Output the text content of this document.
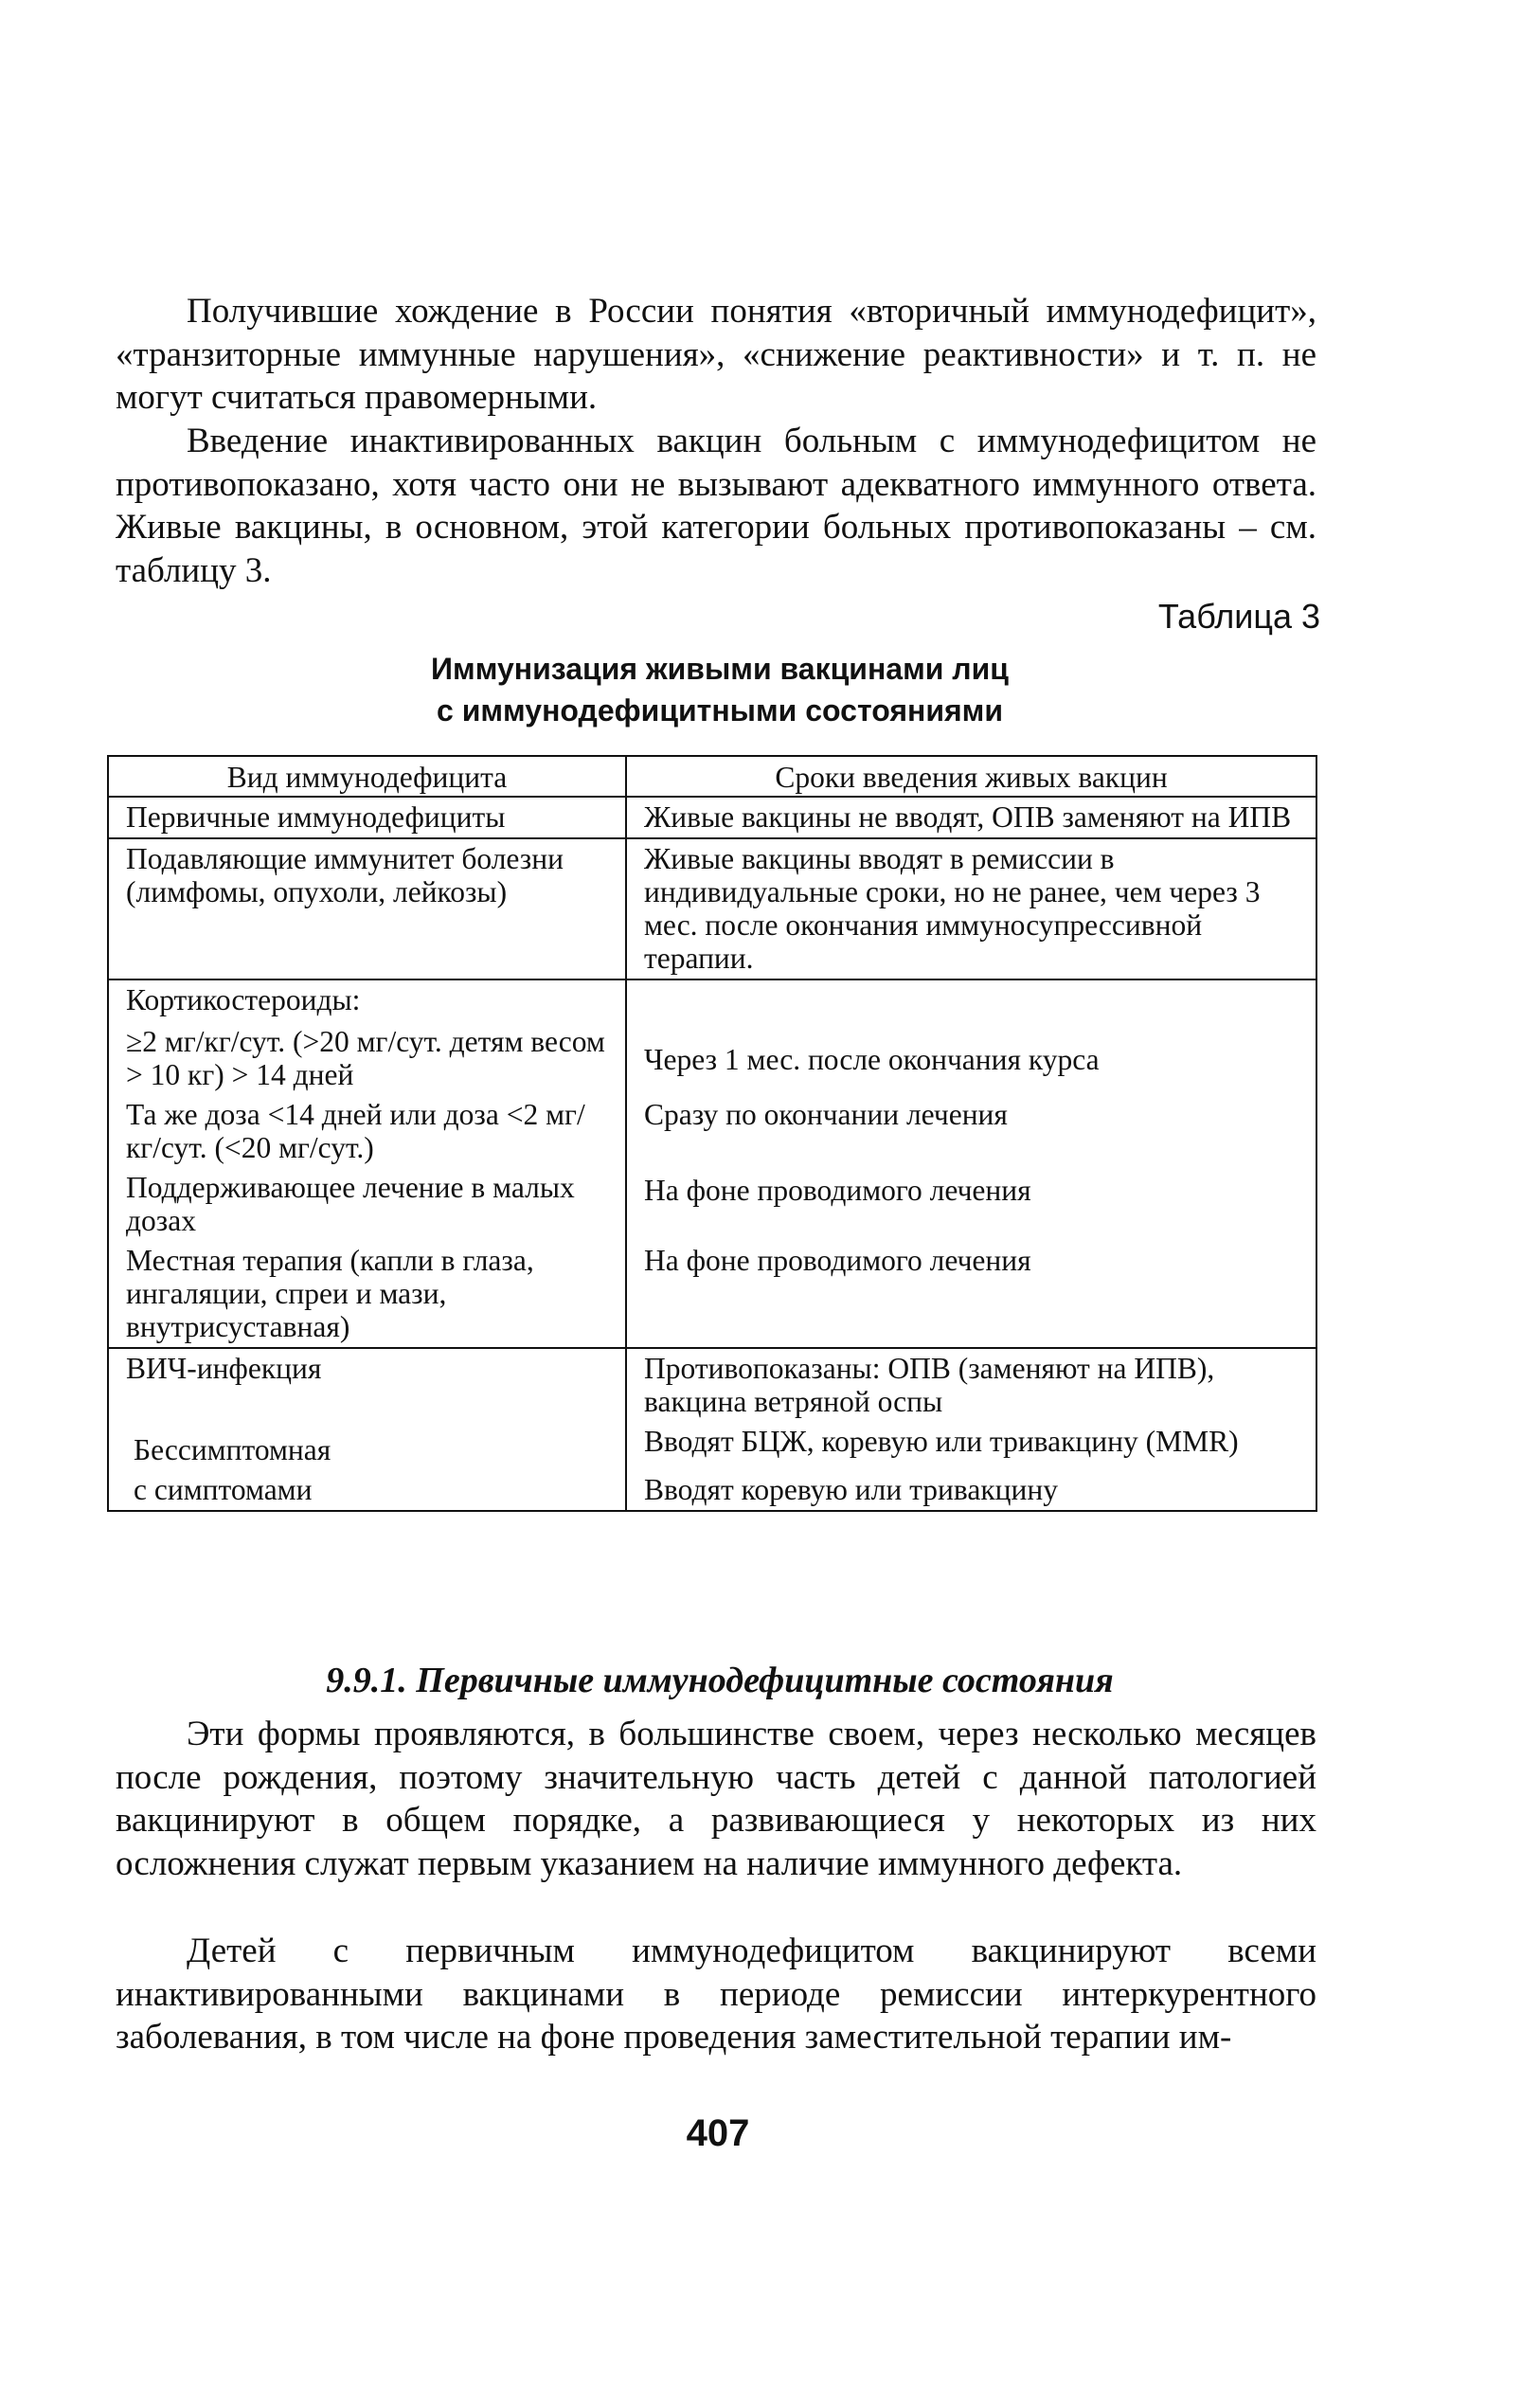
Получившие хождение в России понятия «вторичный иммунодефицит», «транзиторные иммунные нарушения», «снижение реактивности» и т. п. не могут считаться правомерными.

Введение инактивированных вакцин больным с иммунодефицитом не противопоказано, хотя часто они не вызывают адекватного иммунного ответа. Живые вакцины, в основном, этой категории больных противопоказаны – см. таблицу 3.

Таблица 3
Иммунизация живыми вакцинами лиц
с иммунодефицитными состояниями
Вид иммунодефицита	Сроки введения живых вакцин
Первичные иммунодефициты	Живые вакцины не вводят, ОПВ заменяют на ИПВ
Подавляющие иммунитет болезни (лимфомы, опухоли, лейкозы)	Живые вакцины вводят в ремиссии в индивидуальные сроки, но не ранее, чем через 3 мес. после окончания иммуносупрессивной терапии.
Кортикостероиды:	
≥2 мг/кг/сут. (>20 мг/сут. детям весом > 10 кг) > 14 дней	Через 1 мес. после окончания курса
Та же доза <14 дней или доза <2 мг/кг/сут. (<20 мг/сут.)	Сразу по окончании лечения
Поддерживающее лечение в малых дозах	На фоне проводимого лечения
Местная терапия (капли в глаза, ингаляции, спреи и мази, внутрисуставная)	На фоне проводимого лечения
ВИЧ-инфекция	Противопоказаны: ОПВ (заменяют на ИПВ), вакцина ветряной оспы
Бессимптомная	Вводят БЦЖ, коревую или тривакцину (MMR)
с симптомами	Вводят коревую или тривакцину
9.9.1. Первичные иммунодефицитные состояния

Эти формы проявляются, в большинстве своем, через несколько месяцев после рождения, поэтому значительную часть детей с данной патологией вакцинируют в общем порядке, а развивающиеся у некоторых из них осложнения служат первым указанием на наличие иммунного дефекта.

Детей с первичным иммунодефицитом вакцинируют всеми инактивированными вакцинами в периоде ремиссии интеркурентного заболевания, в том числе на фоне проведения заместительной терапии им-

407
